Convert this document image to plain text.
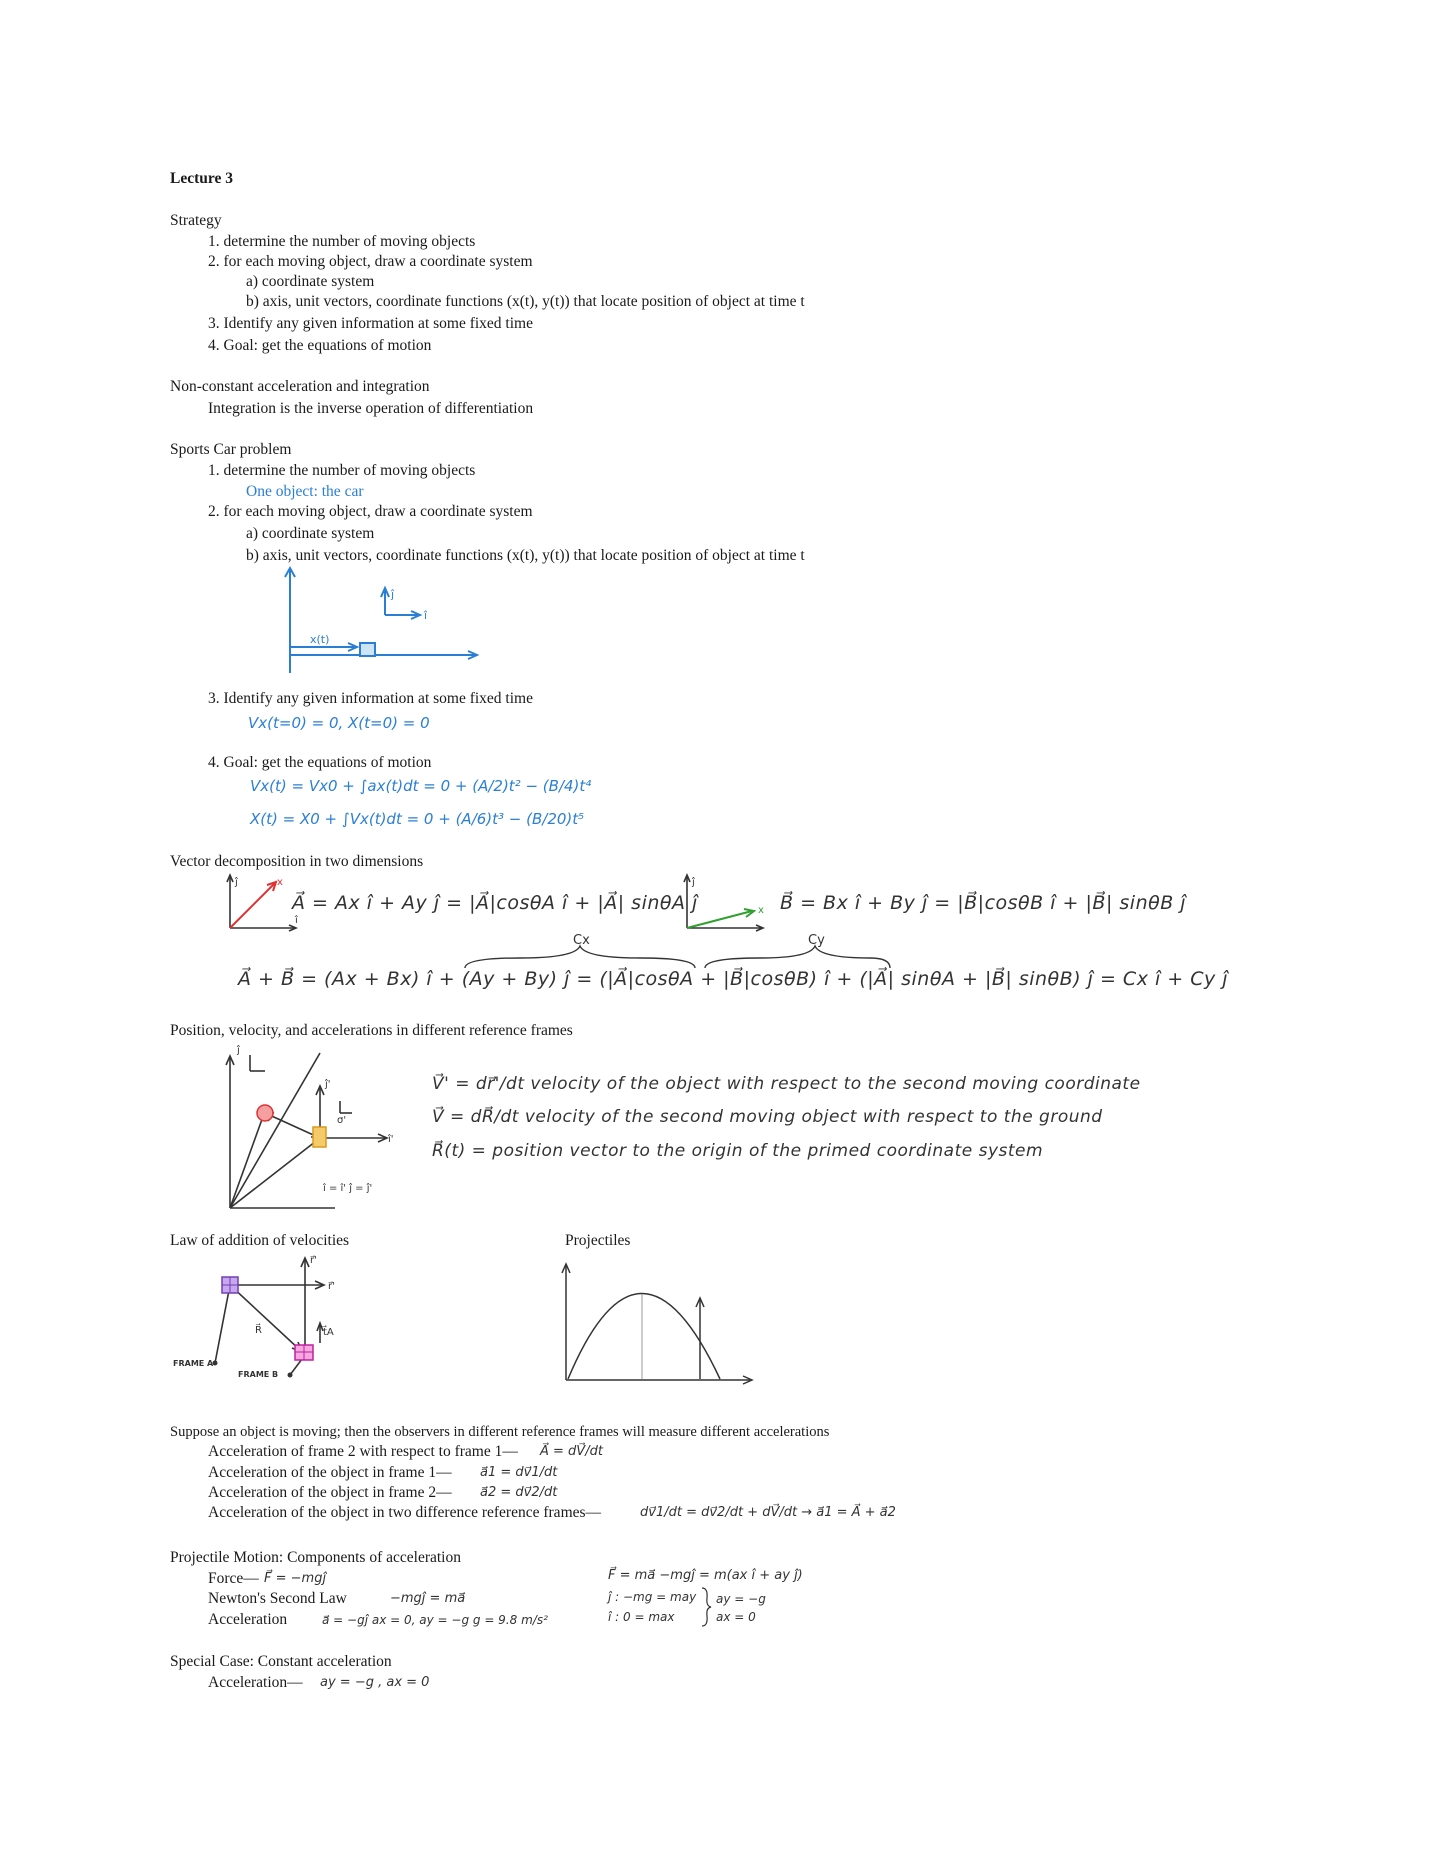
Lecture 3
Strategy
1. determine the number of moving objects
2. for each moving object, draw a coordinate system
a) coordinate system
b) axis, unit vectors, coordinate functions (x(t), y(t)) that locate position of object at time t
3. Identify any given information at some fixed time
4. Goal: get the equations of motion
Non-constant acceleration and integration
Integration is the inverse operation of differentiation
Sports Car problem
1. determine the number of moving objects
One object: the car
2. for each moving object, draw a coordinate system
a) coordinate system
b) axis, unit vectors, coordinate functions (x(t), y(t)) that locate position of object at time t
x(t)
ĵ
î
3. Identify any given information at some fixed time
Vx(t=0) = 0, X(t=0) = 0
4. Goal: get the equations of motion
Vx(t) = Vx0 + ∫ax(t)dt = 0 + (A/2)t² − (B/4)t⁴
X(t) = X0 + ∫Vx(t)dt = 0 + (A/6)t³ − (B/20)t⁵
Vector decomposition in two dimensions
ĵ	x
î
A⃗ = Ax î + Ay ĵ = |A⃗|cosθA î + |A⃗| sinθA ĵ
ĵ
x B⃗ = Bx î + By ĵ = |B⃗|cosθB î + |B⃗| sinθB ĵ
Cx	Cy
A⃗ + B⃗ = (Ax + Bx) î + (Ay + By) ĵ = (|A⃗|cosθA + |B⃗|cosθB) î + (|A⃗| sinθA + |B⃗| sinθB) ĵ = Cx î + Cy ĵ
Position, velocity, and accelerations in different reference frames
ĵ
ĵ'
î'
σ'
î = î' ĵ = ĵ'
V⃗' = dr⃗'/dt velocity of the object with respect to the second moving coordinate
V⃗ = dR⃗/dt velocity of the second moving object with respect to the ground
R⃗(t) = position vector to the origin of the primed coordinate system
Law of addition of velocities	Projectiles
r⃗'
r⃗'
R⃗	t⃗A
FRAME A
FRAME B
Suppose an object is moving; then the observers in different reference frames will measure different accelerations
Acceleration of frame 2 with respect to frame 1— A⃗ = dV⃗/dt
Acceleration of the object in frame 1— a⃗1 = dv⃗1/dt
Acceleration of the object in frame 2— a⃗2 = dv⃗2/dt
Acceleration of the object in two difference reference frames—	dv⃗1/dt = dv⃗2/dt + dV⃗/dt → a⃗1 = A⃗ + a⃗2
Projectile Motion: Components of acceleration
Force— F⃗ = −mgĵ
Newton's Second Law	−mgĵ = ma⃗
Acceleration	a⃗ = −gĵ ax = 0, ay = −g g = 9.8 m/s²
F⃗ = ma⃗ −mgĵ = m(ax î + ay ĵ)
ĵ : −mg = may
î : 0 = max
ay = −g
ax = 0
Special Case: Constant acceleration
Acceleration— ay = −g , ax = 0
